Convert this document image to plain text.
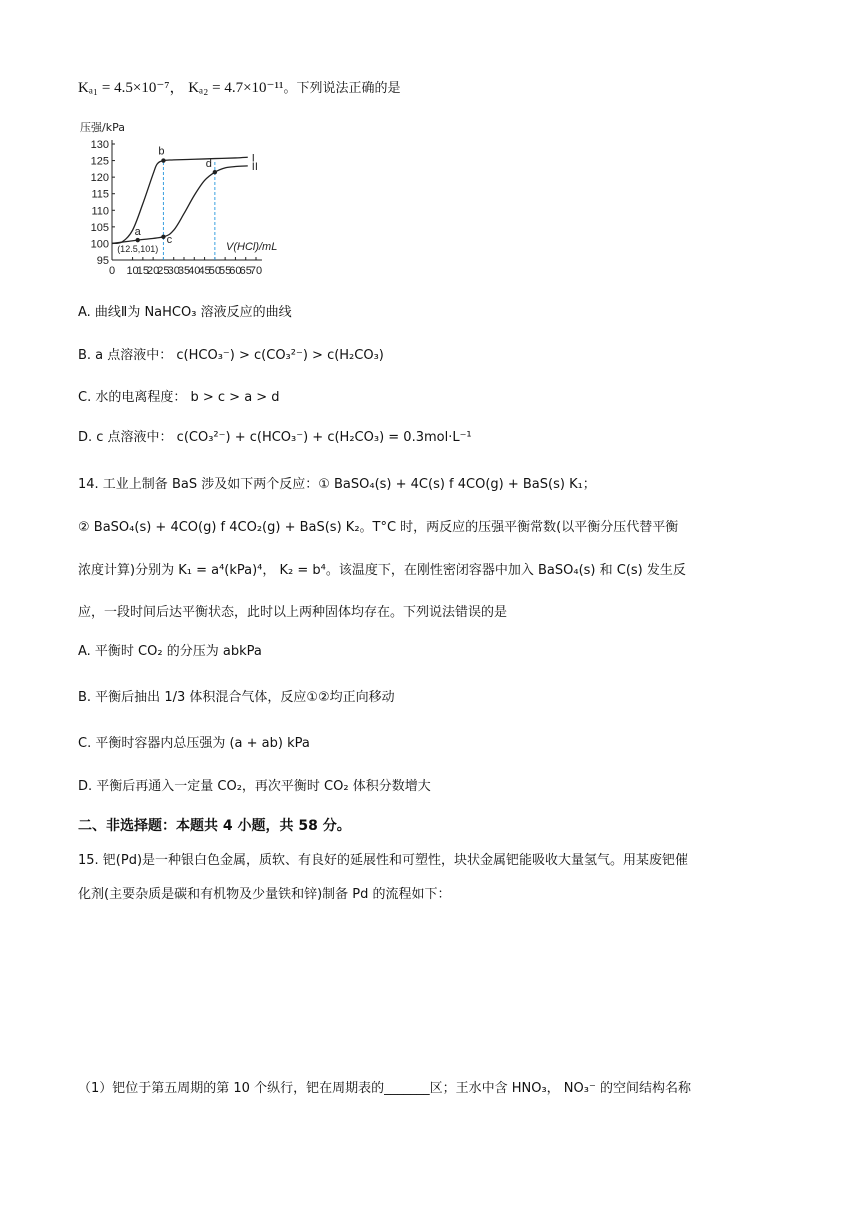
Kₐ₁ = 4.5×10⁻⁷， Kₐ₂ = 4.7×10⁻¹¹。下列说法正确的是
95
100
105
110
115
120
125
130
0 10
15
20
25
30
35
40
45
50
55
60
65
70
I
II
a
(12.5,101)
b
c
d
压强/kPa
V(HCl)/mL
A. 曲线Ⅱ为 NaHCO₃ 溶液反应的曲线
B. a 点溶液中： c(HCO₃⁻) > c(CO₃²⁻) > c(H₂CO₃)
C. 水的电离程度： b > c > a > d
D. c 点溶液中： c(CO₃²⁻) + c(HCO₃⁻) + c(H₂CO₃) = 0.3mol·L⁻¹
14. 工业上制备 BaS 涉及如下两个反应：① BaSO₄(s) + 4C(s) f 4CO(g) + BaS(s) K₁；
② BaSO₄(s) + 4CO(g) f 4CO₂(g) + BaS(s) K₂。T°C 时，两反应的压强平衡常数(以平衡分压代替平衡
浓度计算)分别为 K₁ = a⁴(kPa)⁴， K₂ = b⁴。该温度下，在刚性密闭容器中加入 BaSO₄(s) 和 C(s) 发生反
应，一段时间后达平衡状态，此时以上两种固体均存在。下列说法错误的是
A. 平衡时 CO₂ 的分压为 abkPa
B. 平衡后抽出 1/3 体积混合气体，反应①②均正向移动
C. 平衡时容器内总压强为 (a + ab) kPa
D. 平衡后再通入一定量 CO₂，再次平衡时 CO₂ 体积分数增大
二、非选择题：本题共 4 小题，共 58 分。
15. 钯(Pd)是一种银白色金属，质软、有良好的延展性和可塑性，块状金属钯能吸收大量氢气。用某废钯催
化剂(主要杂质是碳和有机物及少量铁和锌)制备 Pd 的流程如下：
（1）钯位于第五周期的第 10 个纵行，钯在周期表的_______区；王水中含 HNO₃， NO₃⁻ 的空间结构名称
